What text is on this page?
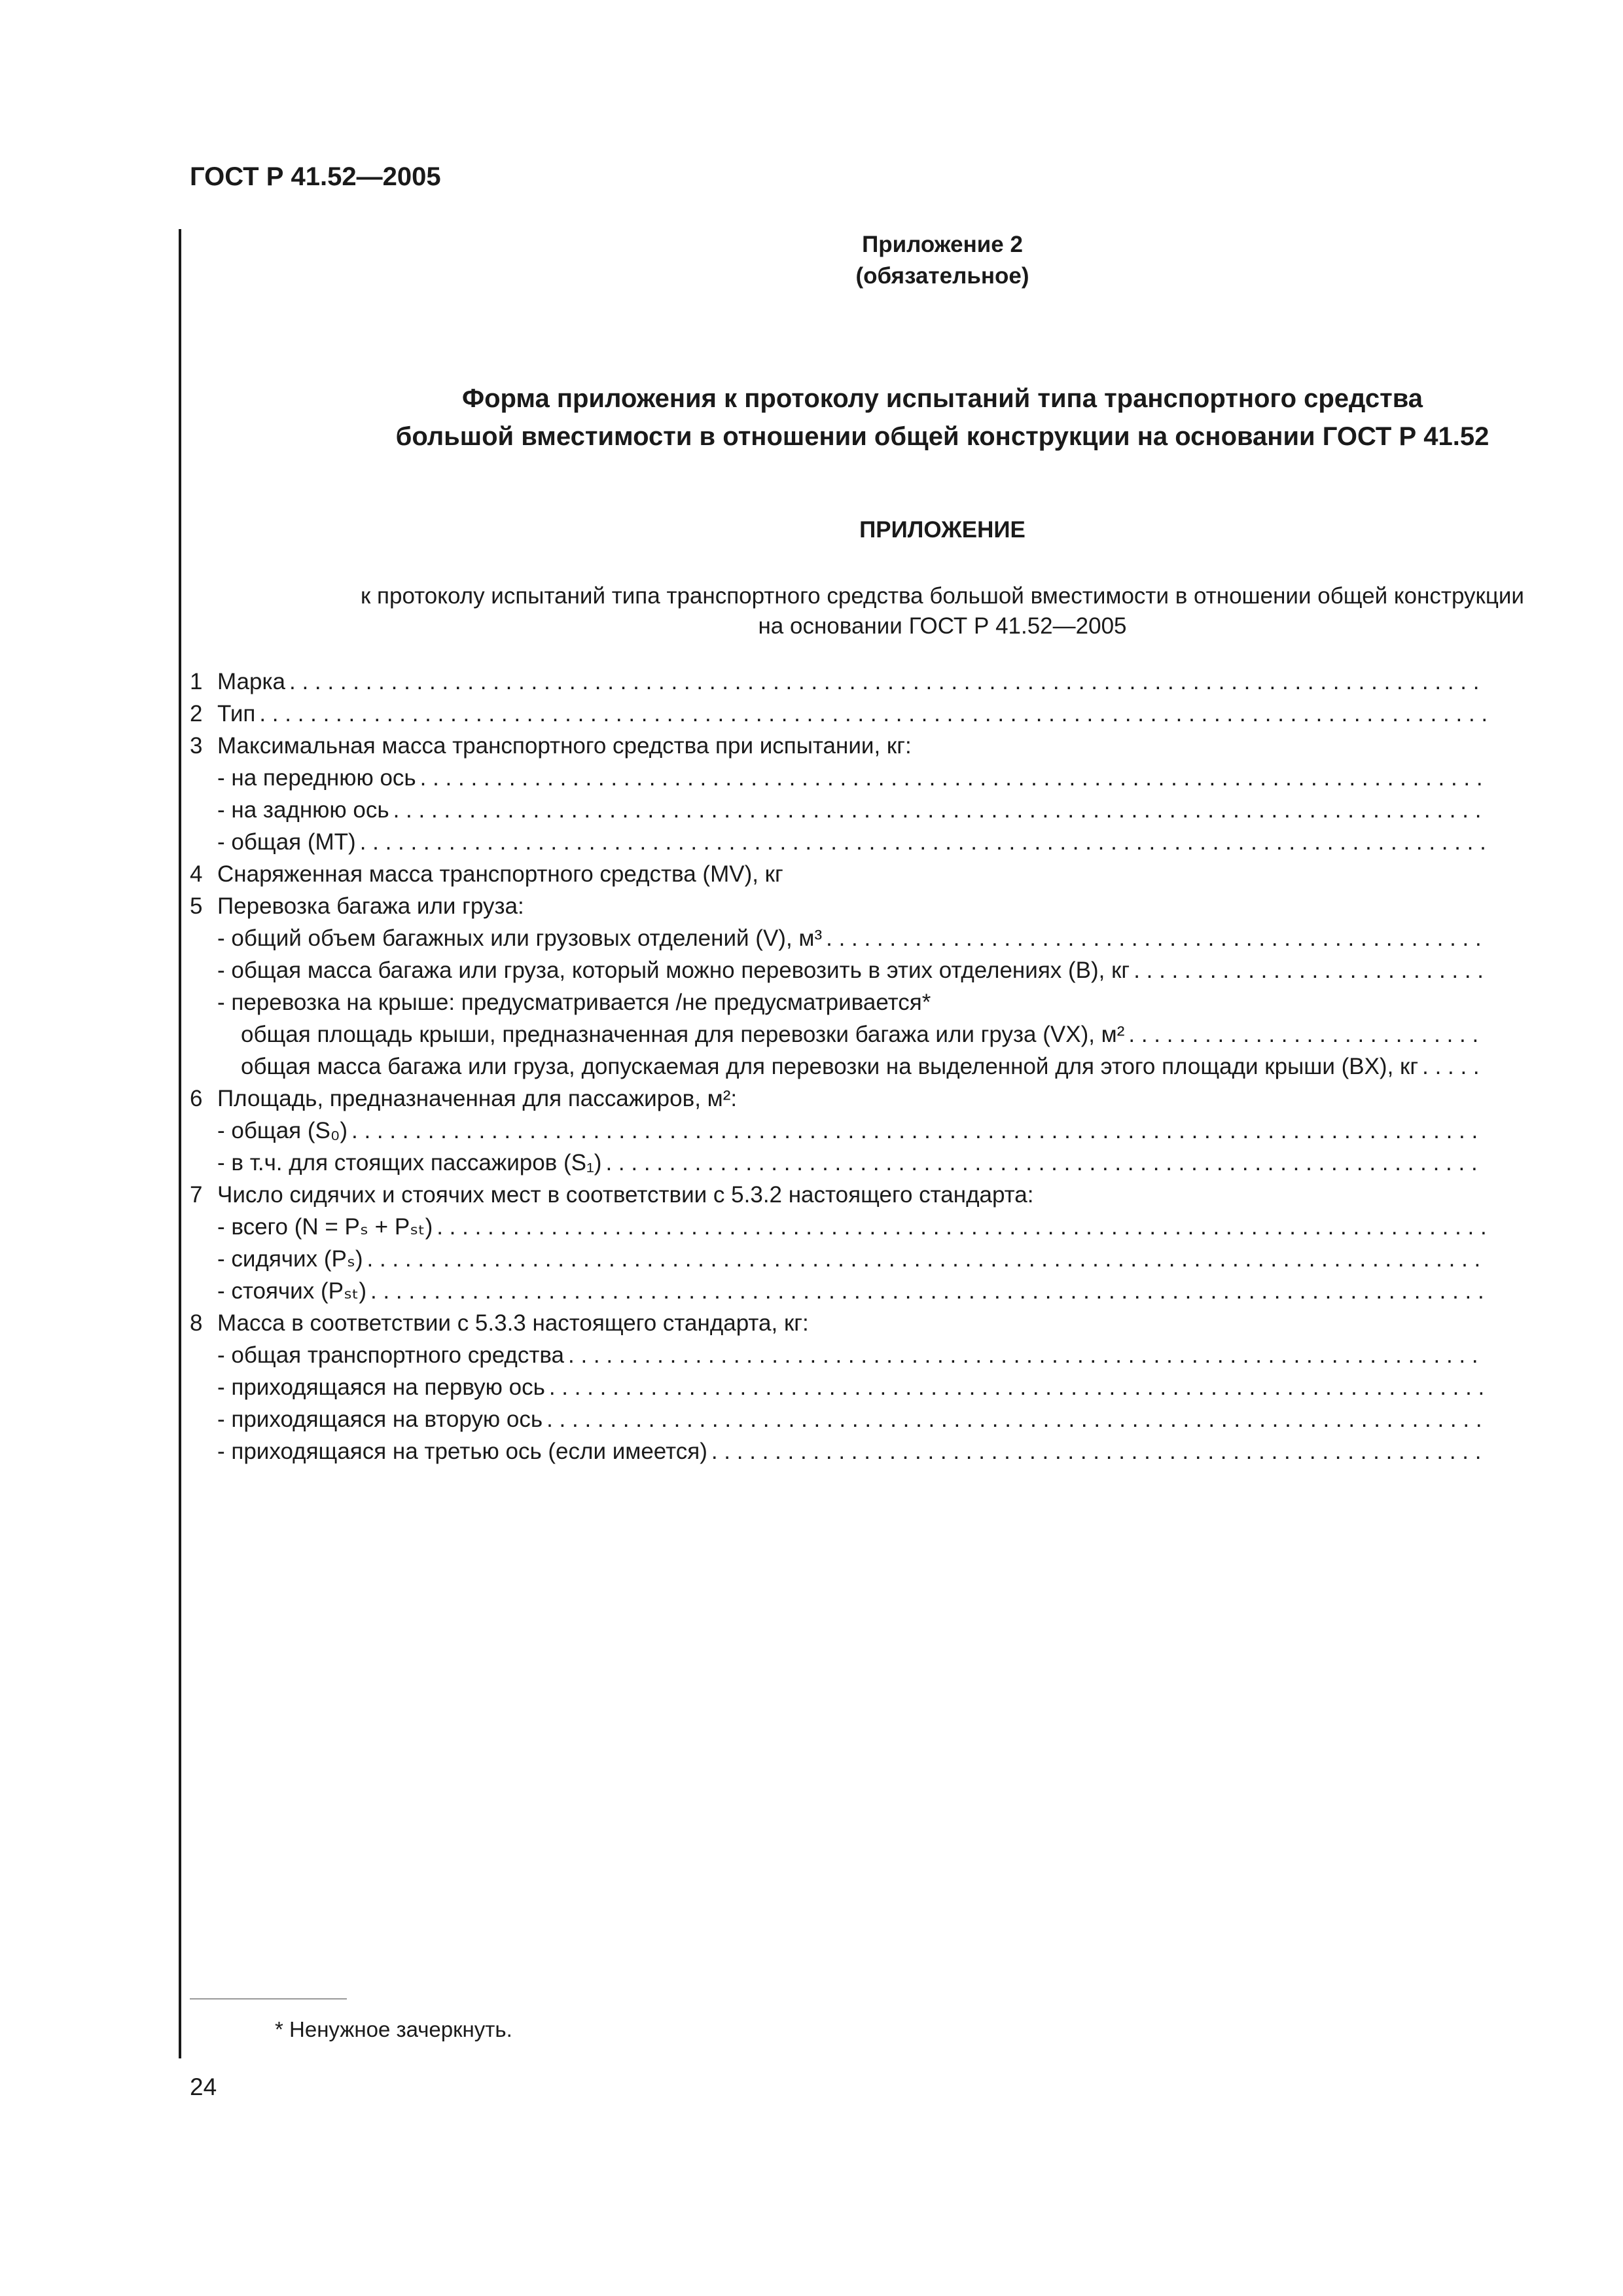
ГОСТ Р 41.52—2005
Приложение 2
(обязательное)
Форма приложения к протоколу испытаний типа транспортного средства
большой вместимости в отношении общей конструкции на основании ГОСТ Р 41.52
ПРИЛОЖЕНИЕ
к протоколу испытаний типа транспортного средства большой вместимости в отношении общей конструкции
на основании ГОСТ Р 41.52—2005
1 Марка
. . .
2 Тип
. . .
3 Максимальная масса транспортного средства при испытании, кг:
- на переднюю ось
. . .
- на заднюю ось
. . .
- общая (MT)
. . .
4 Снаряженная масса транспортного средства (MV), кг
5 Перевозка багажа или груза:
- общий объем багажных или грузовых отделений (V), м³
. . .
- общая масса багажа или груза, который можно перевозить в этих отделениях (B), кг
. . .
- перевозка на крыше: предусматривается /не предусматривается*
общая площадь крыши, предназначенная для перевозки багажа или груза (VX), м²
. . .
общая масса багажа или груза, допускаемая для перевозки на выделенной для этого площади крыши (BX), кг
. . .
6 Площадь, предназначенная для пассажиров, м²:
- общая (S₀)
. . .
- в т.ч. для стоящих пассажиров (S₁)
. . .
7 Число сидячих и стоячих мест в соответствии с 5.3.2 настоящего стандарта:
- всего (N = Pₛ + Pₛₜ)
. . .
- сидячих (Pₛ)
. . .
- стоячих (Pₛₜ)
. . .
8 Масса в соответствии с 5.3.3 настоящего стандарта, кг:
- общая транспортного средства
. . .
- приходящаяся на первую ось
. . .
- приходящаяся на вторую ось
. . .
- приходящаяся на третью ось (если имеется)
. . .
* Ненужное зачеркнуть.
24
